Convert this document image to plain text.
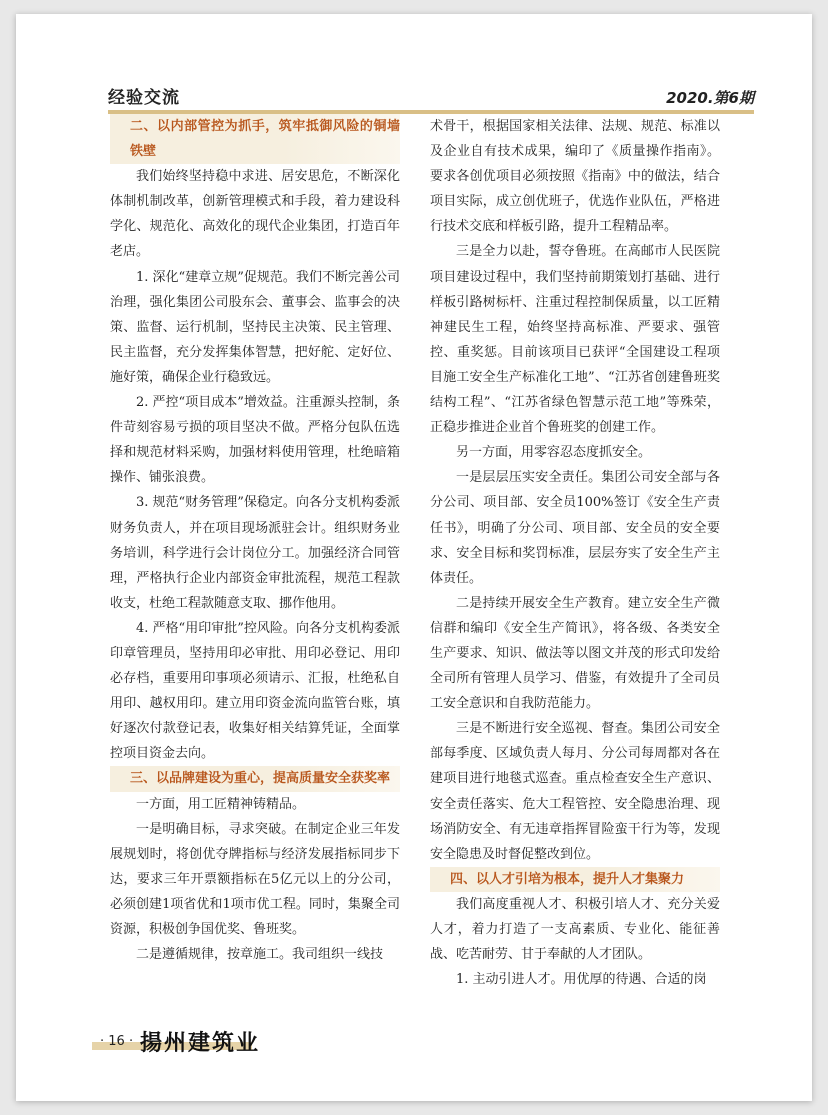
经验交流	2020.第6期
二、以内部管控为抓手，筑牢抵御风险的铜墙铁壁

我们始终坚持稳中求进、居安思危，不断深化体制机制改革，创新管理模式和手段，着力建设科学化、规范化、高效化的现代企业集团，打造百年老店。

1. 深化“建章立规”促规范。我们不断完善公司治理，强化集团公司股东会、董事会、监事会的决策、监督、运行机制，坚持民主决策、民主管理、民主监督，充分发挥集体智慧，把好舵、定好位、施好策，确保企业行稳致远。

2. 严控“项目成本”增效益。注重源头控制，条件苛刻容易亏损的项目坚决不做。严格分包队伍选择和规范材料采购，加强材料使用管理，杜绝暗箱操作、铺张浪费。

3. 规范“财务管理”保稳定。向各分支机构委派财务负责人，并在项目现场派驻会计。组织财务业务培训，科学进行会计岗位分工。加强经济合同管理，严格执行企业内部资金审批流程，规范工程款收支，杜绝工程款随意支取、挪作他用。

4. 严格“用印审批”控风险。向各分支机构委派印章管理员，坚持用印必审批、用印必登记、用印必存档，重要用印事项必须请示、汇报，杜绝私自用印、越权用印。建立用印资金流向监管台账，填好逐次付款登记表，收集好相关结算凭证，全面掌控项目资金去向。

三、以品牌建设为重心，提高质量安全获奖率

一方面，用工匠精神铸精品。

一是明确目标，寻求突破。在制定企业三年发展规划时，将创优夺牌指标与经济发展指标同步下达，要求三年开票额指标在5亿元以上的分公司，必须创建1项省优和1项市优工程。同时，集聚全司资源，积极创争国优奖、鲁班奖。

二是遵循规律，按章施工。我司组织一线技

术骨干，根据国家相关法律、法规、规范、标准以及企业自有技术成果，编印了《质量操作指南》。要求各创优项目必须按照《指南》中的做法，结合项目实际，成立创优班子，优选作业队伍，严格进行技术交底和样板引路，提升工程精品率。

三是全力以赴，誓夺鲁班。在高邮市人民医院项目建设过程中，我们坚持前期策划打基础、进行样板引路树标杆、注重过程控制保质量，以工匠精神建民生工程，始终坚持高标准、严要求、强管控、重奖惩。目前该项目已获评“全国建设工程项目施工安全生产标准化工地”、“江苏省创建鲁班奖结构工程”、“江苏省绿色智慧示范工地”等殊荣，正稳步推进企业首个鲁班奖的创建工作。

另一方面，用零容忍态度抓安全。

一是层层压实安全责任。集团公司安全部与各分公司、项目部、安全员100%签订《安全生产责任书》，明确了分公司、项目部、安全员的安全要求、安全目标和奖罚标准，层层夯实了安全生产主体责任。

二是持续开展安全生产教育。建立安全生产微信群和编印《安全生产简讯》，将各级、各类安全生产要求、知识、做法等以图文并茂的形式印发给全司所有管理人员学习、借鉴，有效提升了全司员工安全意识和自我防范能力。

三是不断进行安全巡视、督查。集团公司安全部每季度、区域负责人每月、分公司每周都对各在建项目进行地毯式巡查。重点检查安全生产意识、安全责任落实、危大工程管控、安全隐患治理、现场消防安全、有无违章指挥冒险蛮干行为等，发现安全隐患及时督促整改到位。

四、以人才引培为根本，提升人才集聚力

我们高度重视人才、积极引培人才、充分关爱人才，着力打造了一支高素质、专业化、能征善战、吃苦耐劳、甘于奉献的人才团队。

1. 主动引进人才。用优厚的待遇、合适的岗

· 16 · 揚州建筑业
